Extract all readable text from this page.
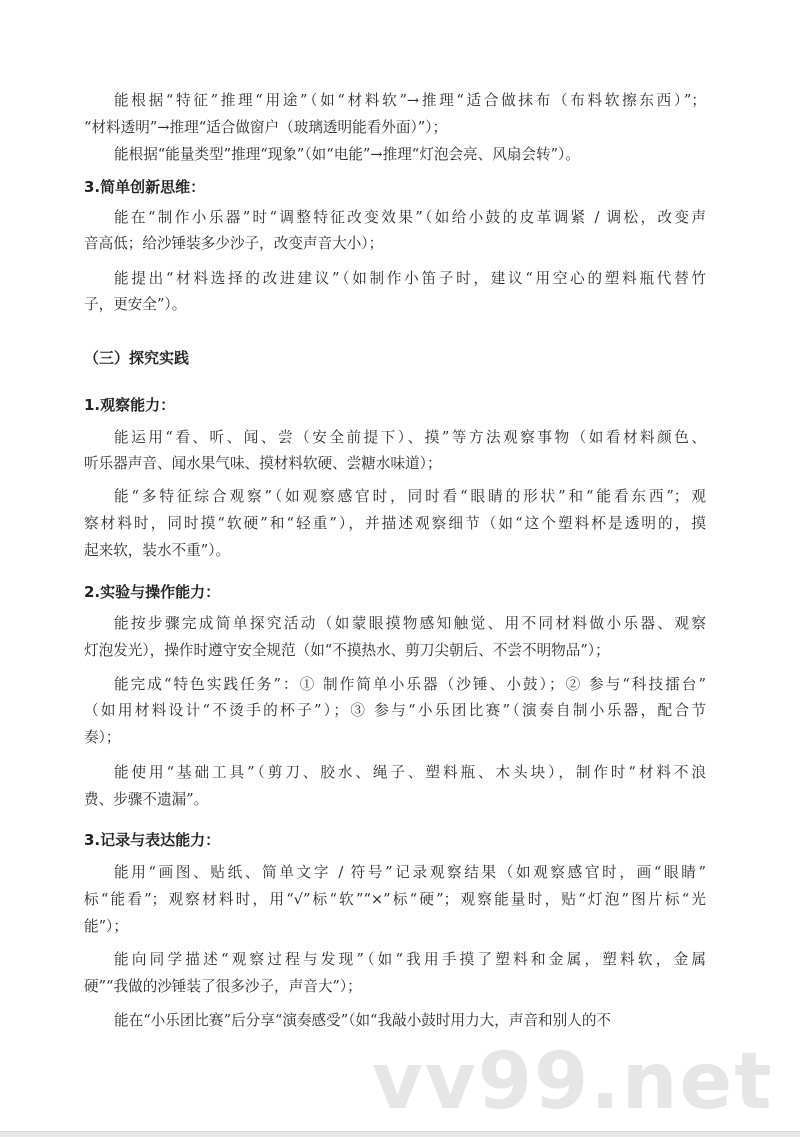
vv99.net
能根据“特征”推理“用途”（如“材料软”→推理“适合做抹布（布料软擦东西）”；
“材料透明”→推理“适合做窗户（玻璃透明能看外面）”）；
能根据“能量类型”推理“现象”（如“电能”→推理“灯泡会亮、风扇会转”）。
3.简单创新思维：
能在“制作小乐器”时“调整特征改变效果”（如给小鼓的皮革调紧 / 调松，改变声
音高低；给沙锤装多少沙子，改变声音大小）；
能提出“材料选择的改进建议”（如制作小笛子时，建议“用空心的塑料瓶代替竹
子，更安全”）。
（三）探究实践
1.观察能力：
能运用“看、听、闻、尝（安全前提下）、摸”等方法观察事物（如看材料颜色、
听乐器声音、闻水果气味、摸材料软硬、尝糖水味道）；
能“多特征综合观察”（如观察感官时，同时看“眼睛的形状”和“能看东西”；观
察材料时，同时摸“软硬”和“轻重”），并描述观察细节（如“这个塑料杯是透明的，摸
起来软，装水不重”）。
2.实验与操作能力：
能按步骤完成简单探究活动（如蒙眼摸物感知触觉、用不同材料做小乐器、观察
灯泡发光），操作时遵守安全规范（如“不摸热水、剪刀尖朝后、不尝不明物品”）；
能完成“特色实践任务”：① 制作简单小乐器（沙锤、小鼓）；② 参与“科技擂台”
（如用材料设计“不烫手的杯子”）；③ 参与“小乐团比赛”（演奏自制小乐器，配合节
奏）；
能使用“基础工具”（剪刀、胶水、绳子、塑料瓶、木头块），制作时“材料不浪
费、步骤不遗漏”。
3.记录与表达能力：
能用“画图、贴纸、简单文字 / 符号”记录观察结果（如观察感官时，画“眼睛”
标“能看”；观察材料时，用“√”标“软”“×”标“硬”；观察能量时，贴“灯泡”图片标“光
能”）；
能向同学描述“观察过程与发现”（如“我用手摸了塑料和金属，塑料软，金属
硬”“我做的沙锤装了很多沙子，声音大”）；
能在“小乐团比赛”后分享“演奏感受”（如“我敲小鼓时用力大，声音和别人的不
